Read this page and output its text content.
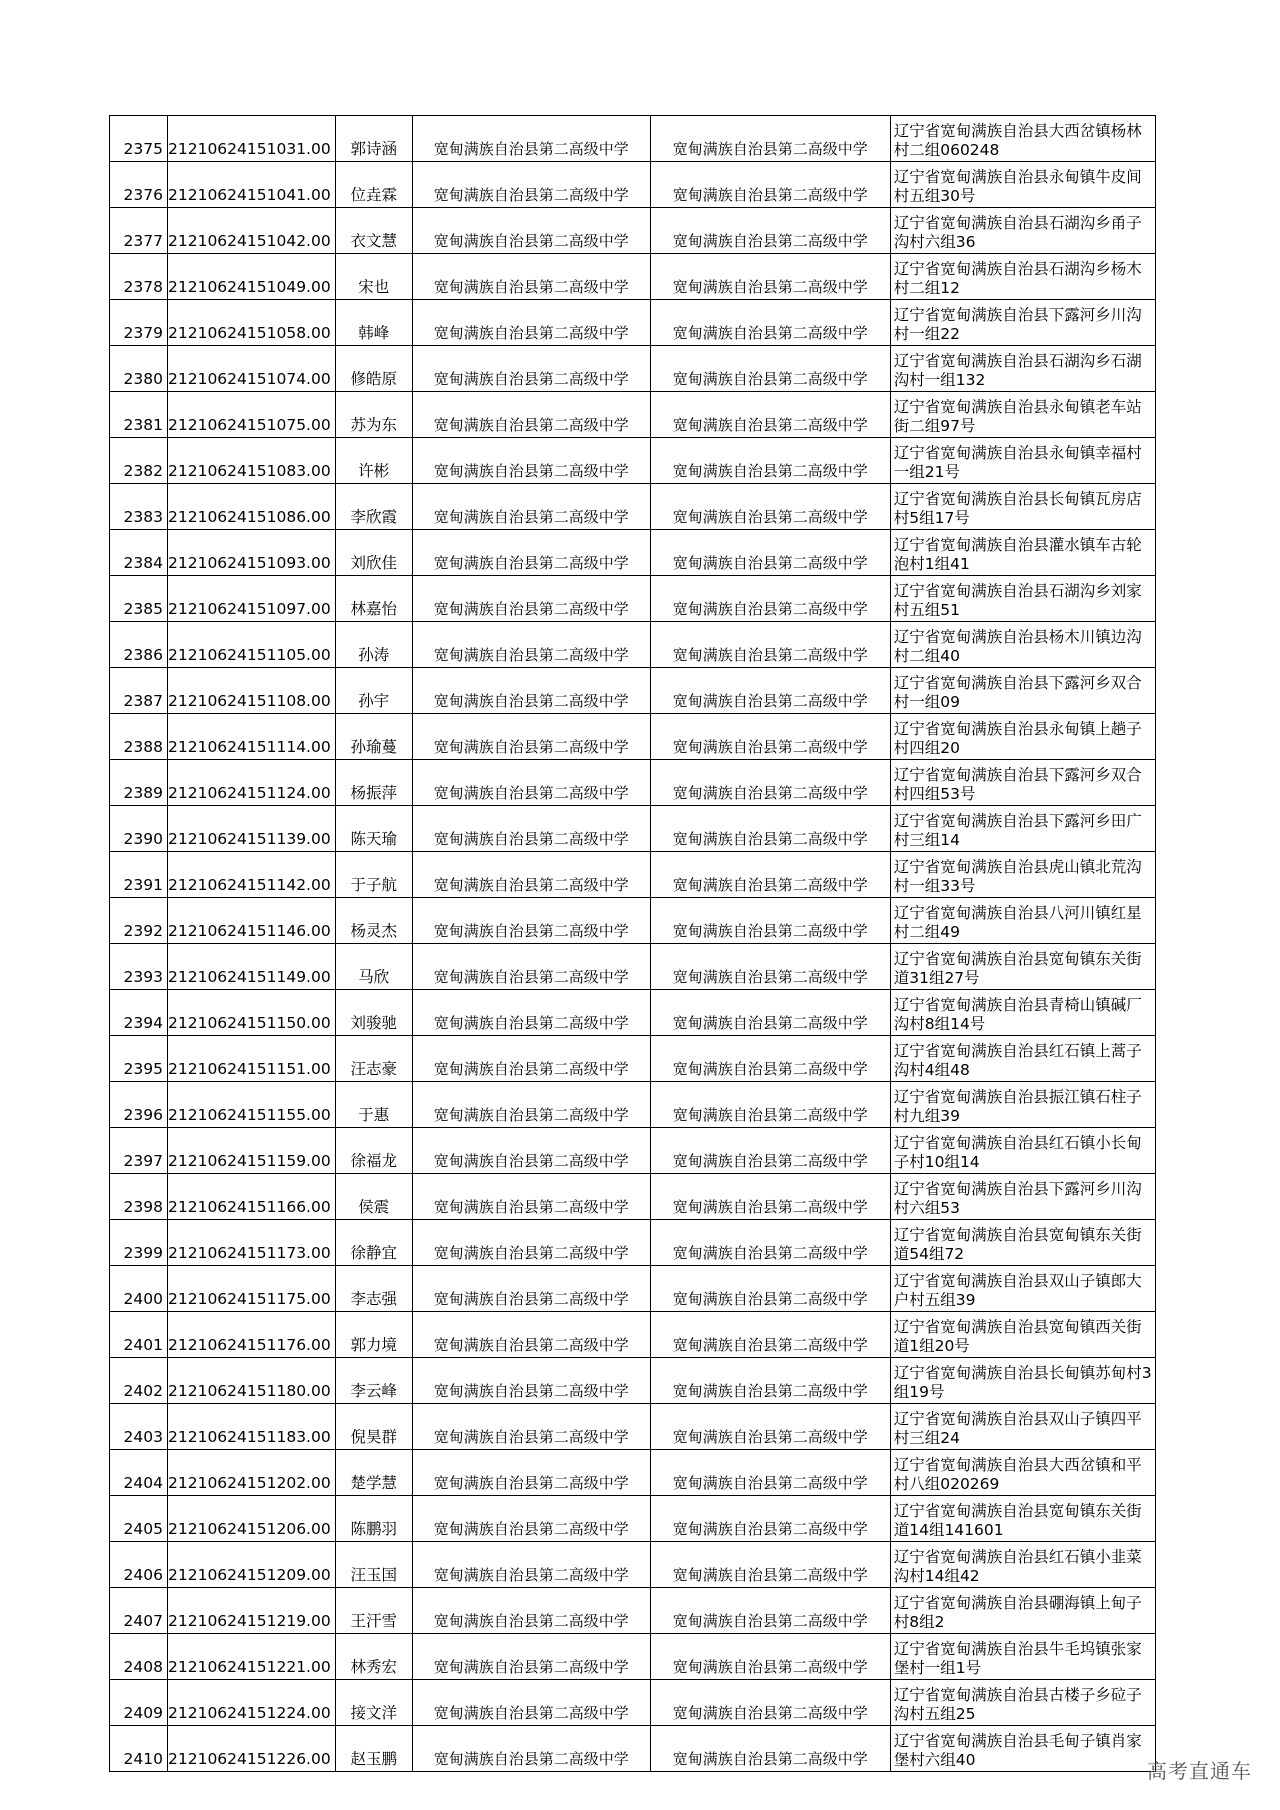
2375	21210624151031.00	郭诗涵	宽甸满族自治县第二高级中学	宽甸满族自治县第二高级中学	辽宁省宽甸满族自治县大西岔镇杨林村二组060248
2376	21210624151041.00	位垚霖	宽甸满族自治县第二高级中学	宽甸满族自治县第二高级中学	辽宁省宽甸满族自治县永甸镇牛皮间村五组30号
2377	21210624151042.00	衣文慧	宽甸满族自治县第二高级中学	宽甸满族自治县第二高级中学	辽宁省宽甸满族自治县石湖沟乡甬子沟村六组36
2378	21210624151049.00	宋也	宽甸满族自治县第二高级中学	宽甸满族自治县第二高级中学	辽宁省宽甸满族自治县石湖沟乡杨木村二组12
2379	21210624151058.00	韩峰	宽甸满族自治县第二高级中学	宽甸满族自治县第二高级中学	辽宁省宽甸满族自治县下露河乡川沟村一组22
2380	21210624151074.00	修皓原	宽甸满族自治县第二高级中学	宽甸满族自治县第二高级中学	辽宁省宽甸满族自治县石湖沟乡石湖沟村一组132
2381	21210624151075.00	苏为东	宽甸满族自治县第二高级中学	宽甸满族自治县第二高级中学	辽宁省宽甸满族自治县永甸镇老车站街二组97号
2382	21210624151083.00	许彬	宽甸满族自治县第二高级中学	宽甸满族自治县第二高级中学	辽宁省宽甸满族自治县永甸镇幸福村一组21号
2383	21210624151086.00	李欣霞	宽甸满族自治县第二高级中学	宽甸满族自治县第二高级中学	辽宁省宽甸满族自治县长甸镇瓦房店村5组17号
2384	21210624151093.00	刘欣佳	宽甸满族自治县第二高级中学	宽甸满族自治县第二高级中学	辽宁省宽甸满族自治县灌水镇车古轮泡村1组41
2385	21210624151097.00	林嘉怡	宽甸满族自治县第二高级中学	宽甸满族自治县第二高级中学	辽宁省宽甸满族自治县石湖沟乡刘家村五组51
2386	21210624151105.00	孙涛	宽甸满族自治县第二高级中学	宽甸满族自治县第二高级中学	辽宁省宽甸满族自治县杨木川镇边沟村二组40
2387	21210624151108.00	孙宇	宽甸满族自治县第二高级中学	宽甸满族自治县第二高级中学	辽宁省宽甸满族自治县下露河乡双合村一组09
2388	21210624151114.00	孙瑜蔓	宽甸满族自治县第二高级中学	宽甸满族自治县第二高级中学	辽宁省宽甸满族自治县永甸镇上趟子村四组20
2389	21210624151124.00	杨振萍	宽甸满族自治县第二高级中学	宽甸满族自治县第二高级中学	辽宁省宽甸满族自治县下露河乡双合村四组53号
2390	21210624151139.00	陈天瑜	宽甸满族自治县第二高级中学	宽甸满族自治县第二高级中学	辽宁省宽甸满族自治县下露河乡田广村三组14
2391	21210624151142.00	于子航	宽甸满族自治县第二高级中学	宽甸满族自治县第二高级中学	辽宁省宽甸满族自治县虎山镇北荒沟村一组33号
2392	21210624151146.00	杨灵杰	宽甸满族自治县第二高级中学	宽甸满族自治县第二高级中学	辽宁省宽甸满族自治县八河川镇红星村二组49
2393	21210624151149.00	马欣	宽甸满族自治县第二高级中学	宽甸满族自治县第二高级中学	辽宁省宽甸满族自治县宽甸镇东关街道31组27号
2394	21210624151150.00	刘骏驰	宽甸满族自治县第二高级中学	宽甸满族自治县第二高级中学	辽宁省宽甸满族自治县青椅山镇碱厂沟村8组14号
2395	21210624151151.00	汪志豪	宽甸满族自治县第二高级中学	宽甸满族自治县第二高级中学	辽宁省宽甸满族自治县红石镇上蒿子沟村4组48
2396	21210624151155.00	于惠	宽甸满族自治县第二高级中学	宽甸满族自治县第二高级中学	辽宁省宽甸满族自治县振江镇石柱子村九组39
2397	21210624151159.00	徐福龙	宽甸满族自治县第二高级中学	宽甸满族自治县第二高级中学	辽宁省宽甸满族自治县红石镇小长甸子村10组14
2398	21210624151166.00	侯震	宽甸满族自治县第二高级中学	宽甸满族自治县第二高级中学	辽宁省宽甸满族自治县下露河乡川沟村六组53
2399	21210624151173.00	徐静宜	宽甸满族自治县第二高级中学	宽甸满族自治县第二高级中学	辽宁省宽甸满族自治县宽甸镇东关街道54组72
2400	21210624151175.00	李志强	宽甸满族自治县第二高级中学	宽甸满族自治县第二高级中学	辽宁省宽甸满族自治县双山子镇郎大户村五组39
2401	21210624151176.00	郭力境	宽甸满族自治县第二高级中学	宽甸满族自治县第二高级中学	辽宁省宽甸满族自治县宽甸镇西关街道1组20号
2402	21210624151180.00	李云峰	宽甸满族自治县第二高级中学	宽甸满族自治县第二高级中学	辽宁省宽甸满族自治县长甸镇苏甸村3组19号
2403	21210624151183.00	倪昊群	宽甸满族自治县第二高级中学	宽甸满族自治县第二高级中学	辽宁省宽甸满族自治县双山子镇四平村三组24
2404	21210624151202.00	楚学慧	宽甸满族自治县第二高级中学	宽甸满族自治县第二高级中学	辽宁省宽甸满族自治县大西岔镇和平村八组020269
2405	21210624151206.00	陈鹏羽	宽甸满族自治县第二高级中学	宽甸满族自治县第二高级中学	辽宁省宽甸满族自治县宽甸镇东关街道14组141601
2406	21210624151209.00	汪玉国	宽甸满族自治县第二高级中学	宽甸满族自治县第二高级中学	辽宁省宽甸满族自治县红石镇小韭菜沟村14组42
2407	21210624151219.00	王汗雪	宽甸满族自治县第二高级中学	宽甸满族自治县第二高级中学	辽宁省宽甸满族自治县硼海镇上甸子村8组2
2408	21210624151221.00	林秀宏	宽甸满族自治县第二高级中学	宽甸满族自治县第二高级中学	辽宁省宽甸满族自治县牛毛坞镇张家堡村一组1号
2409	21210624151224.00	接文洋	宽甸满族自治县第二高级中学	宽甸满族自治县第二高级中学	辽宁省宽甸满族自治县古楼子乡砬子沟村五组25
2410	21210624151226.00	赵玉鹏	宽甸满族自治县第二高级中学	宽甸满族自治县第二高级中学	辽宁省宽甸满族自治县毛甸子镇肖家堡村六组40	高考直通车
